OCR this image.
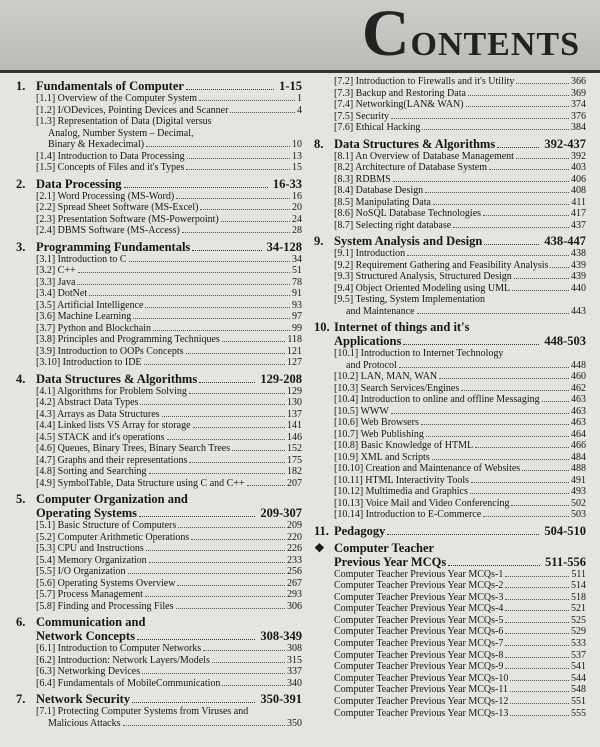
CONTENTS
1. Fundamentals of Computer	1-15
[1.1] Overview of the Computer System	1
[1.2] I/ODevices, Pointing Devices and Scanner	4
[1.3] Representation of Data (Digital versus
Analog, Number System – Decimal,
Binary & Hexadecimal)	10
[1.4] Introduction to Data Processing	13
[1.5] Concepts of Files and it's Types	15
2. Data Processing	16-33
[2.1] Word Processing (MS-Word)	16
[2.2] Spread Sheet Software (MS-Excel)	20
[2.3] Presentation Software (MS-Powerpoint)	24
[2.4] DBMS Software (MS-Access)	28
3. Programming Fundamentals	34-128
[3.1] Introduction to C	34
[3.2] C++	51
[3.3] Java	78
[3.4] DotNet	91
[3.5] Artificial Intelligence	93
[3.6] Machine Learning	97
[3.7] Python and Blockchain	99
[3.8] Principles and Programming Techniques	118
[3.9] Introduction to OOPs Concepts	121
[3.10] Introduction to IDE	127
4. Data Structures & Algorithms	129-208
[4.1] Algorithms for Problem Solving	129
[4.2] Abstract Data Types	130
[4.3] Arrays as Data Structures	137
[4.4] Linked lists VS Array for storage	141
[4.5] STACK and it's operations	146
[4.6] Queues, Binary Trees, Binary Search Trees	152
[4.7] Graphs and their representations	175
[4.8] Sorting and Searching	182
[4.9] SymbolTable, Data Structure using C and C++	207
5. Computer Organization and
Operating Systems	209-307
[5.1] Basic Structure of Computers	209
[5.2] Computer Arithmetic Operations	220
[5.3] CPU and Instructions	226
[5.4] Memory Organization	233
[5.5] I/O Organization	256
[5.6] Operating Systems Overview	267
[5.7] Process Management	293
[5.8] Finding and Processing Files	306
6. Communication and
Network Concepts	308-349
[6.1] Introduction to Computer Networks	308
[6.2] Introduction: Network Layers/Models	315
[6.3] Networking Devices	337
[6.4] Fundamentals of MobileCommunication	340
7. Network Security	350-391
[7.1] Protecting Computer Systems from Viruses and
Malicious Attacks	350
[7.2] Introduction to Firewalls and it's Utility	366
[7.3] Backup and Restoring Data	369
[7.4] Networking(LAN& WAN)	374
[7.5] Security	376
[7.6] Ethical Hacking	384
8. Data Structures & Algorithms	392-437
[8.1] An Overview of Database Management	392
[8.2] Architecture of Database System	403
[8.3] RDBMS	406
[8.4] Database Design	408
[8.5] Manipulating Data	411
[8.6] NoSQL Database Technologies	417
[8.7] Selecting right database	437
9. System Analysis and Design	438-447
[9.1] Introduction	438
[9.2] Requirement Gathering and Feasibility Analysis 439
[9.3] Structured Analysis, Structured Design	439
[9.4] Object Oriented Modeling using UML	440
[9.5] Testing, System Implementation
and Maintenance	443
10. Internet of things and it's
Applications	448-503
[10.1] Introduction to Internet Technology
and Protocol	448
[10.2] LAN, MAN, WAN	460
[10.3] Search Services/Engines	462
[10.4] Introduction to online and offline Messaging	463
[10.5] WWW	463
[10.6] Web Browsers	463
[10.7] Web Publishing	464
[10.8] Basic Knowledge of HTML	466
[10.9] XML and Scripts	484
[10.10] Creation and Maintenance of Websites	488
[10.11] HTML Interactivity Tools	491
[10.12] Multimedia and Graphics	493
[10.13] Voice Mail and Video Conferencing	502
[10.14] Introduction to E-Commerce	503
11. Pedagogy	504-510
❖ Computer Teacher
Previous Year MCQs	511-556
Computer Teacher Previous Year MCQs-1	511
Computer Teacher Previous Year MCQs-2	514
Computer Teacher Previous Year MCQs-3	518
Computer Teacher Previous Year MCQs-4	521
Computer Teacher Previous Year MCQs-5	525
Computer Teacher Previous Year MCQs-6	529
Computer Teacher Previous Year MCQs-7	533
Computer Teacher Previous Year MCQs-8	537
Computer Teacher Previous Year MCQs-9	541
Computer Teacher Previous Year MCQs-10	544
Computer Teacher Previous Year MCQs-11	548
Computer Teacher Previous Year MCQs-12	551
Computer Teacher Previous Year MCQs-13	555
